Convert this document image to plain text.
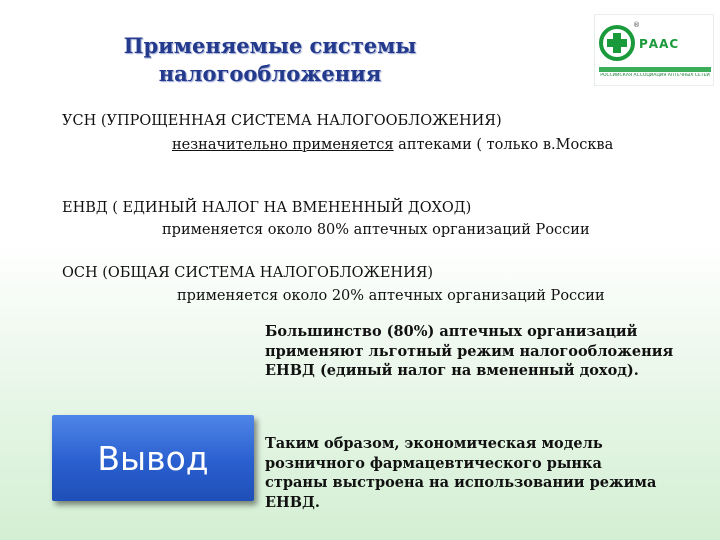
Применяемые системы
налогообложения
®
РААС
РОССИЙСКАЯ АССОЦИАЦИЯ АПТЕЧНЫХ СЕТЕЙ
УСН (УПРОЩЕННАЯ СИСТЕМА НАЛОГООБЛОЖЕНИЯ)
незначительно применяется аптеками ( только в.Москва
ЕНВД ( ЕДИНЫЙ НАЛОГ НА ВМЕНЕННЫЙ ДОХОД)
применяется около 80% аптечных организаций России
ОСН (ОБЩАЯ СИСТЕМА НАЛОГОБЛОЖЕНИЯ)
применяется около 20% аптечных организаций России
Большинство (80%) аптечных организаций применяют льготный режим налогообложения ЕНВД (единый налог на вмененный доход).
Вывод	Таким образом, экономическая модель розничного фармацевтического рынка страны выстроена на использовании режима ЕНВД.
